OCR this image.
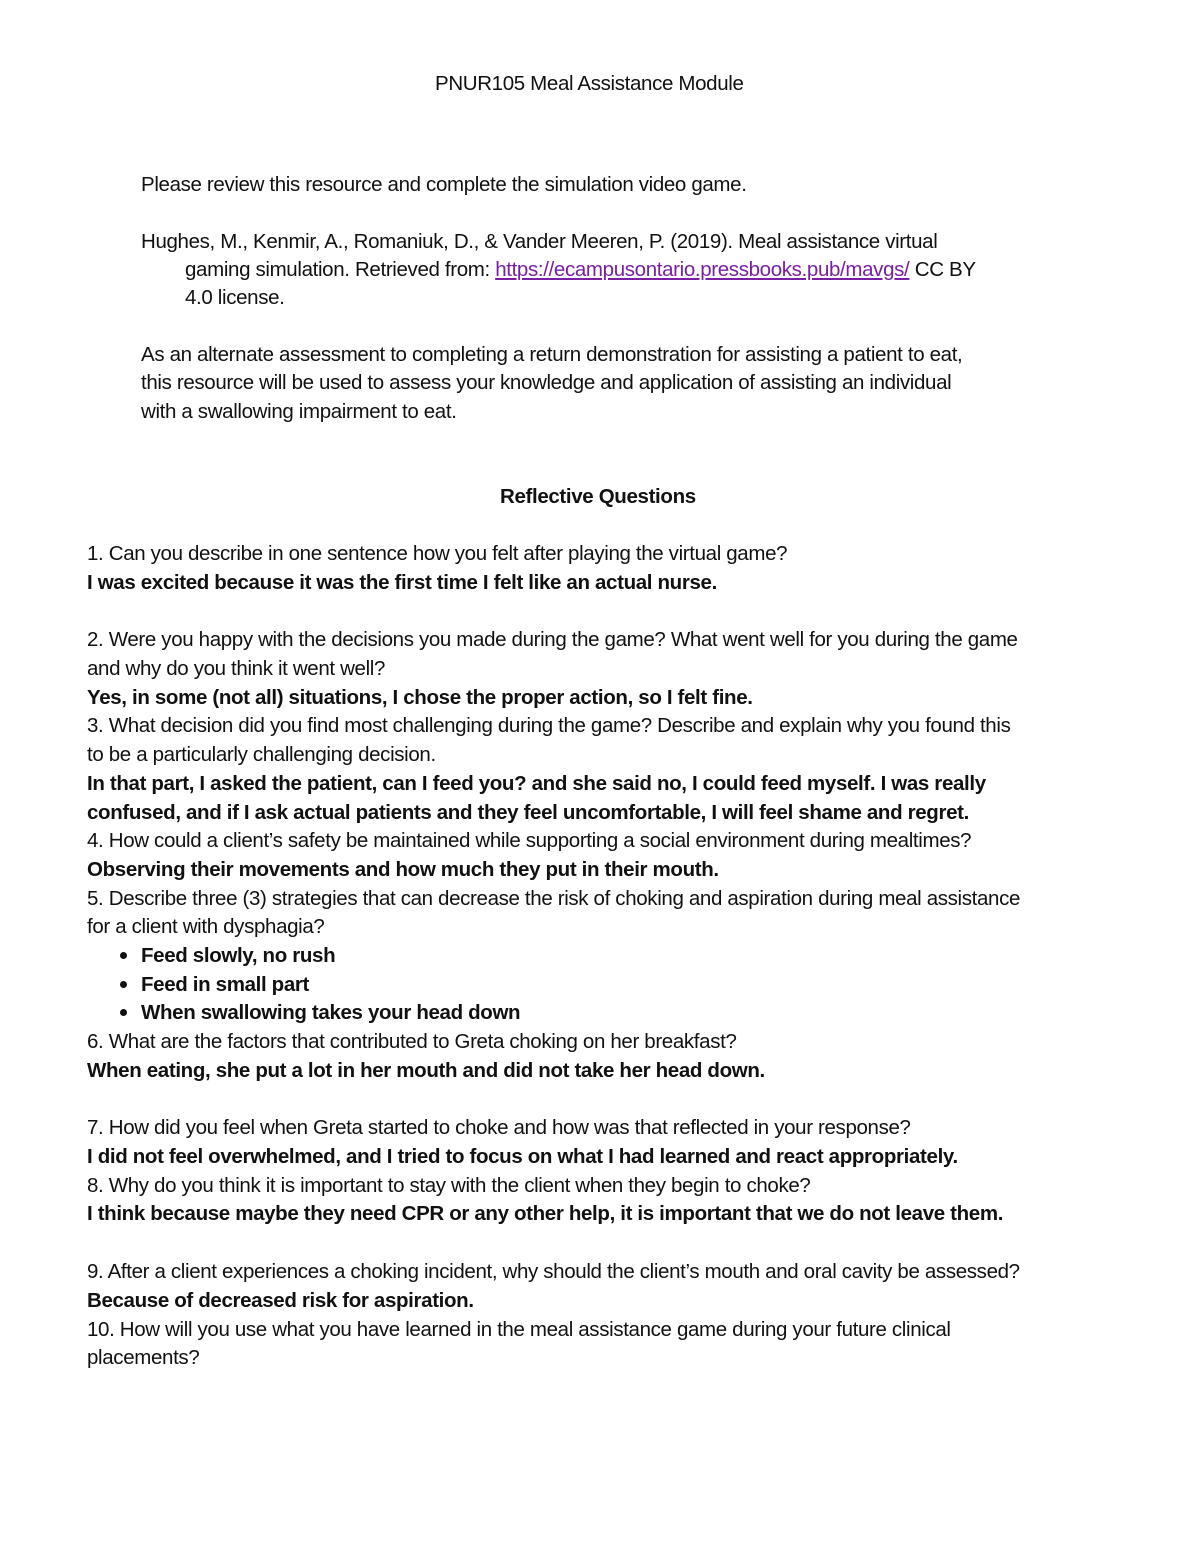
PNUR105 Meal Assistance Module
Please review this resource and complete the simulation video game.
Hughes, M., Kenmir, A., Romaniuk, D., & Vander Meeren, P. (2019). Meal assistance virtual
gaming simulation. Retrieved from: https://ecampusontario.pressbooks.pub/mavgs/ CC BY
4.0 license.
As an alternate assessment to completing a return demonstration for assisting a patient to eat,
this resource will be used to assess your knowledge and application of assisting an individual
with a swallowing impairment to eat.
Reflective Questions
1. Can you describe in one sentence how you felt after playing the virtual game?
I was excited because it was the first time I felt like an actual nurse.
2. Were you happy with the decisions you made during the game? What went well for you during the game
and why do you think it went well?
Yes, in some (not all) situations, I chose the proper action, so I felt fine.
3. What decision did you find most challenging during the game? Describe and explain why you found this
to be a particularly challenging decision.
In that part, I asked the patient, can I feed you? and she said no, I could feed myself. I was really
confused, and if I ask actual patients and they feel uncomfortable, I will feel shame and regret.
4. How could a client’s safety be maintained while supporting a social environment during mealtimes?
Observing their movements and how much they put in their mouth.
5. Describe three (3) strategies that can decrease the risk of choking and aspiration during meal assistance
for a client with dysphagia?
Feed slowly, no rush
Feed in small part
When swallowing takes your head down
6. What are the factors that contributed to Greta choking on her breakfast?
When eating, she put a lot in her mouth and did not take her head down.
7. How did you feel when Greta started to choke and how was that reflected in your response?
I did not feel overwhelmed, and I tried to focus on what I had learned and react appropriately.
8. Why do you think it is important to stay with the client when they begin to choke?
I think because maybe they need CPR or any other help, it is important that we do not leave them.
9. After a client experiences a choking incident, why should the client’s mouth and oral cavity be assessed?
Because of decreased risk for aspiration.
10. How will you use what you have learned in the meal assistance game during your future clinical
placements?
